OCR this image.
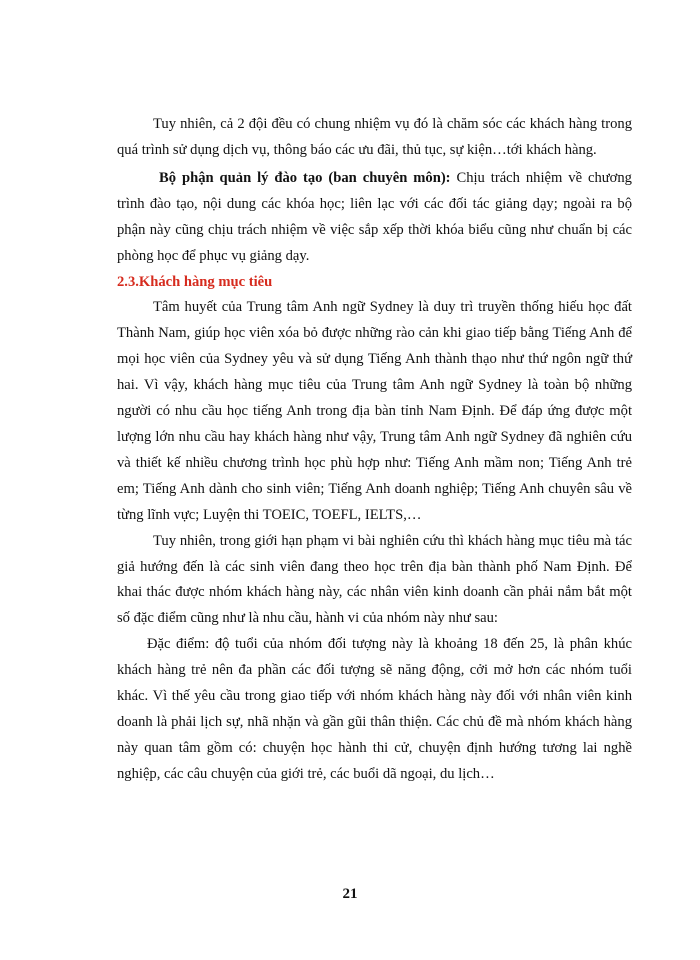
Tuy nhiên, cả 2 đội đều có chung nhiệm vụ đó là chăm sóc các khách hàng trong quá trình sử dụng dịch vụ, thông báo các ưu đãi, thủ tục, sự kiện…tới khách hàng.

Bộ phận quản lý đào tạo (ban chuyên môn): Chịu trách nhiệm về chương trình đào tạo, nội dung các khóa học; liên lạc với các đối tác giảng dạy; ngoài ra bộ phận này cũng chịu trách nhiệm về việc sắp xếp thời khóa biểu cũng như chuẩn bị các phòng học để phục vụ giảng dạy.

2.3.Khách hàng mục tiêu

Tâm huyết của Trung tâm Anh ngữ Sydney là duy trì truyền thống hiếu học đất Thành Nam, giúp học viên xóa bỏ được những rào cản khi giao tiếp bằng Tiếng Anh để mọi học viên của Sydney yêu và sử dụng Tiếng Anh thành thạo như thứ ngôn ngữ thứ hai. Vì vậy, khách hàng mục tiêu của Trung tâm Anh ngữ Sydney là toàn bộ những người có nhu cầu học tiếng Anh trong địa bàn tỉnh Nam Định. Để đáp ứng được một lượng lớn nhu cầu hay khách hàng như vậy, Trung tâm Anh ngữ Sydney đã nghiên cứu và thiết kế nhiều chương trình học phù hợp như: Tiếng Anh mầm non; Tiếng Anh trẻ em; Tiếng Anh dành cho sinh viên; Tiếng Anh doanh nghiệp; Tiếng Anh chuyên sâu về từng lĩnh vực; Luyện thi TOEIC, TOEFL, IELTS,…

Tuy nhiên, trong giới hạn phạm vi bài nghiên cứu thì khách hàng mục tiêu mà tác giả hướng đến là các sinh viên đang theo học trên địa bàn thành phố Nam Định. Để khai thác được nhóm khách hàng này, các nhân viên kinh doanh cần phải nắm bắt một số đặc điểm cũng như là nhu cầu, hành vi của nhóm này như sau:

Đặc điểm: độ tuổi của nhóm đối tượng này là khoảng 18 đến 25, là phân khúc khách hàng trẻ nên đa phần các đối tượng sẽ năng động, cởi mở hơn các nhóm tuổi khác. Vì thế yêu cầu trong giao tiếp với nhóm khách hàng này đối với nhân viên kinh doanh là phải lịch sự, nhã nhặn và gần gũi thân thiện. Các chủ đề mà nhóm khách hàng này quan tâm gồm có: chuyện học hành thi cử, chuyện định hướng tương lai nghề nghiệp, các câu chuyện của giới trẻ, các buổi dã ngoại, du lịch…

21
